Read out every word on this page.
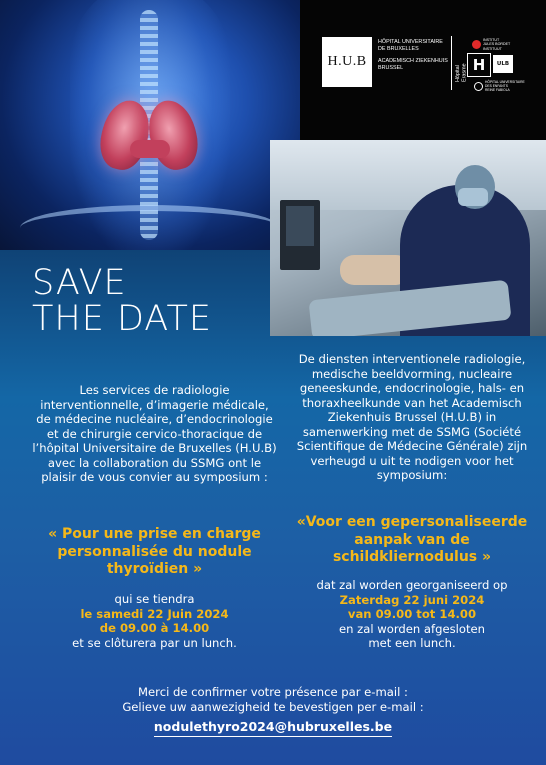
H.U.B
HÔPITAL UNIVERSITAIRE
DE BRUXELLES
ACADEMISCH ZIEKENHUIS
BRUSSEL
INSTITUT
JULES BORDET
INSTITUUT
Hôpital
Erasme H	ULB
HÔPITAL UNIVERSITAIRE
DES ENFANTS
REINE FABIOLA
SAVE
THE DATE
Les services de radiologie interventionnelle, d’imagerie médicale, de médecine nucléaire, d’endocrinologie et de chirurgie cervico-thoracique de l’hôpital Universitaire de Bruxelles (H.U.B) avec la collaboration du SSMG ont le plaisir de vous convier au symposium :
De diensten interventionele radiologie, medische beeldvorming, nucleaire geneeskunde, endocrinologie, hals- en thoraxheelkunde van het Academisch Ziekenhuis Brussel (H.U.B) in samenwerking met de SSMG (Société Scientifique de Médecine Générale) zijn verheugd u uit te nodigen voor het symposium:
« Pour une prise en charge personnalisée du nodule thyroïdien »
«Voor een gepersonaliseerde aanpak van de schildkliernodulus »
qui se tiendra
le samedi 22 Juin 2024
de 09.00 à 14.00
et se clôturera par un lunch.
dat zal worden georganiseerd op
Zaterdag 22 juni 2024
van 09.00 tot 14.00
en zal worden afgesloten
met een lunch.
Merci de confirmer votre présence par e-mail :
Gelieve uw aanwezigheid te bevestigen per e-mail :
nodulethyro2024@hubruxelles.be
